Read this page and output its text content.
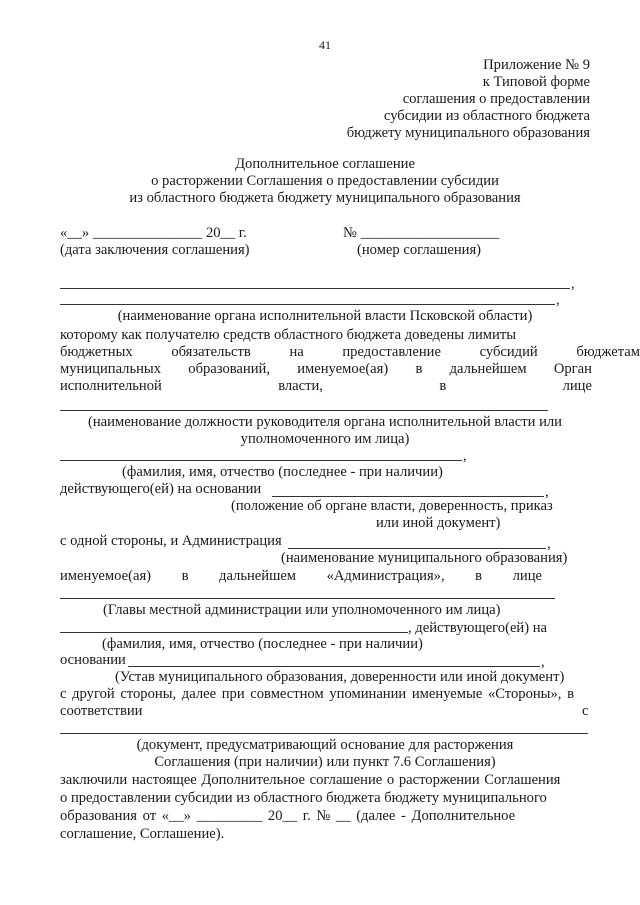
41
Приложение № 9
к Типовой форме
соглашения о предоставлении
субсидии из областного бюджета
бюджету муниципального образования
Дополнительное соглашение
о расторжении Соглашения о предоставлении субсидии
из областного бюджета бюджету муниципального образования
«__» _______________ 20__ г.	№ ___________________
(дата заключения соглашения)	(номер соглашения)
,
,
(наименование органа исполнительной власти Псковской области)
которому как получателю средств областного бюджета доведены лимиты
бюджетных обязательств на предоставление субсидий бюджетам
муниципальных образований, именуемое(ая) в дальнейшем Орган
исполнительной	власти,	в	лице
(наименование должности руководителя органа исполнительной власти или
уполномоченного им лица)
,
(фамилия, имя, отчество (последнее - при наличии)
действующего(ей) на основании	,
(положение об органе власти, доверенность, приказ
или иной документ)
с одной стороны, и Администрация	,
(наименование муниципального образования)
именуемое(ая) в дальнейшем «Администрация», в лице
(Главы местной администрации или уполномоченного им лица)
, действующего(ей) на
(фамилия, имя, отчество (последнее - при наличии)
основании	,
(Устав муниципального образования, доверенности или иной документ)
с другой стороны, далее при совместном упоминании именуемые «Стороны», в
соответствии	с
(документ, предусматривающий основание для расторжения
Соглашения (при наличии) или пункт 7.6 Соглашения)
заключили настоящее Дополнительное соглашение о расторжении Соглашения
о предоставлении субсидии из областного бюджета бюджету муниципального
образования от «__» _________ 20__ г. № __ (далее - Дополнительное
соглашение, Соглашение).
